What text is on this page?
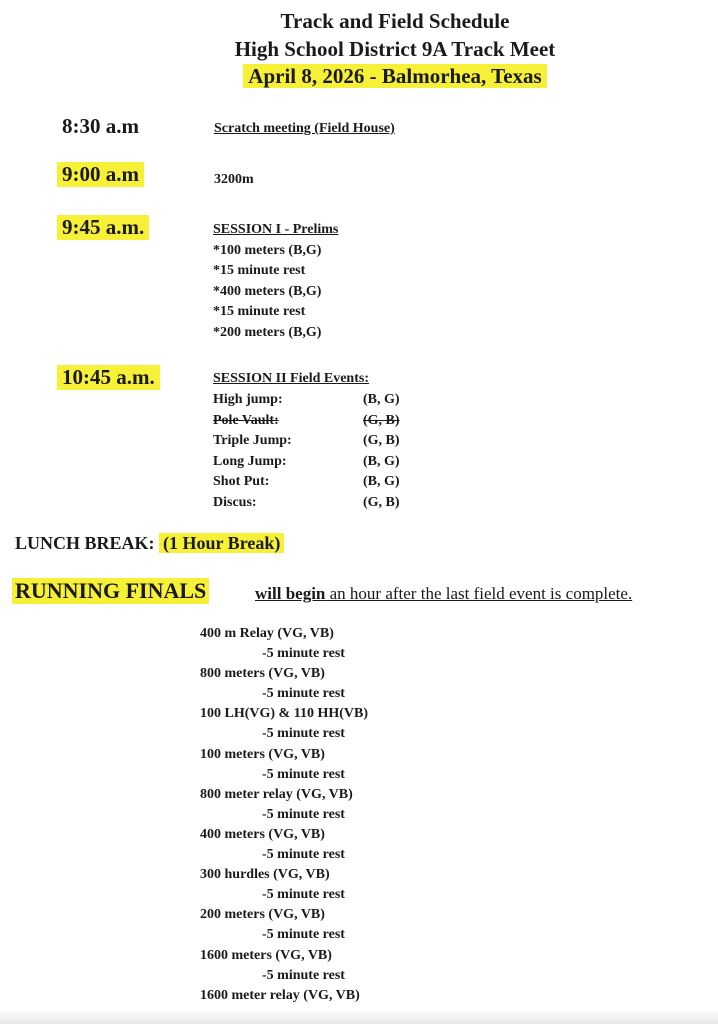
Track and Field Schedule
High School District 9A Track Meet
April 8, 2026 - Balmorhea, Texas
8:30 a.m	Scratch meeting (Field House)
9:00 a.m	3200m
9:45 a.m.	SESSION I - Prelims
*100 meters (B,G)
*15 minute rest
*400 meters (B,G)
*15 minute rest
*200 meters (B,G)
10:45 a.m.	SESSION II Field Events:
High jump:	(B, G)
Pole Vault:	(G, B)
Triple Jump:	(G, B)
Long Jump:	(B, G)
Shot Put:	(B, G)
Discus:	(G, B)
LUNCH BREAK: (1 Hour Break)
RUNNING FINALS	will begin an hour after the last field event is complete.
400 m Relay (VG, VB)
-5 minute rest
800 meters (VG, VB)
-5 minute rest
100 LH(VG) & 110 HH(VB)
-5 minute rest
100 meters (VG, VB)
-5 minute rest
800 meter relay (VG, VB)
-5 minute rest
400 meters (VG, VB)
-5 minute rest
300 hurdles (VG, VB)
-5 minute rest
200 meters (VG, VB)
-5 minute rest
1600 meters (VG, VB)
-5 minute rest
1600 meter relay (VG, VB)
